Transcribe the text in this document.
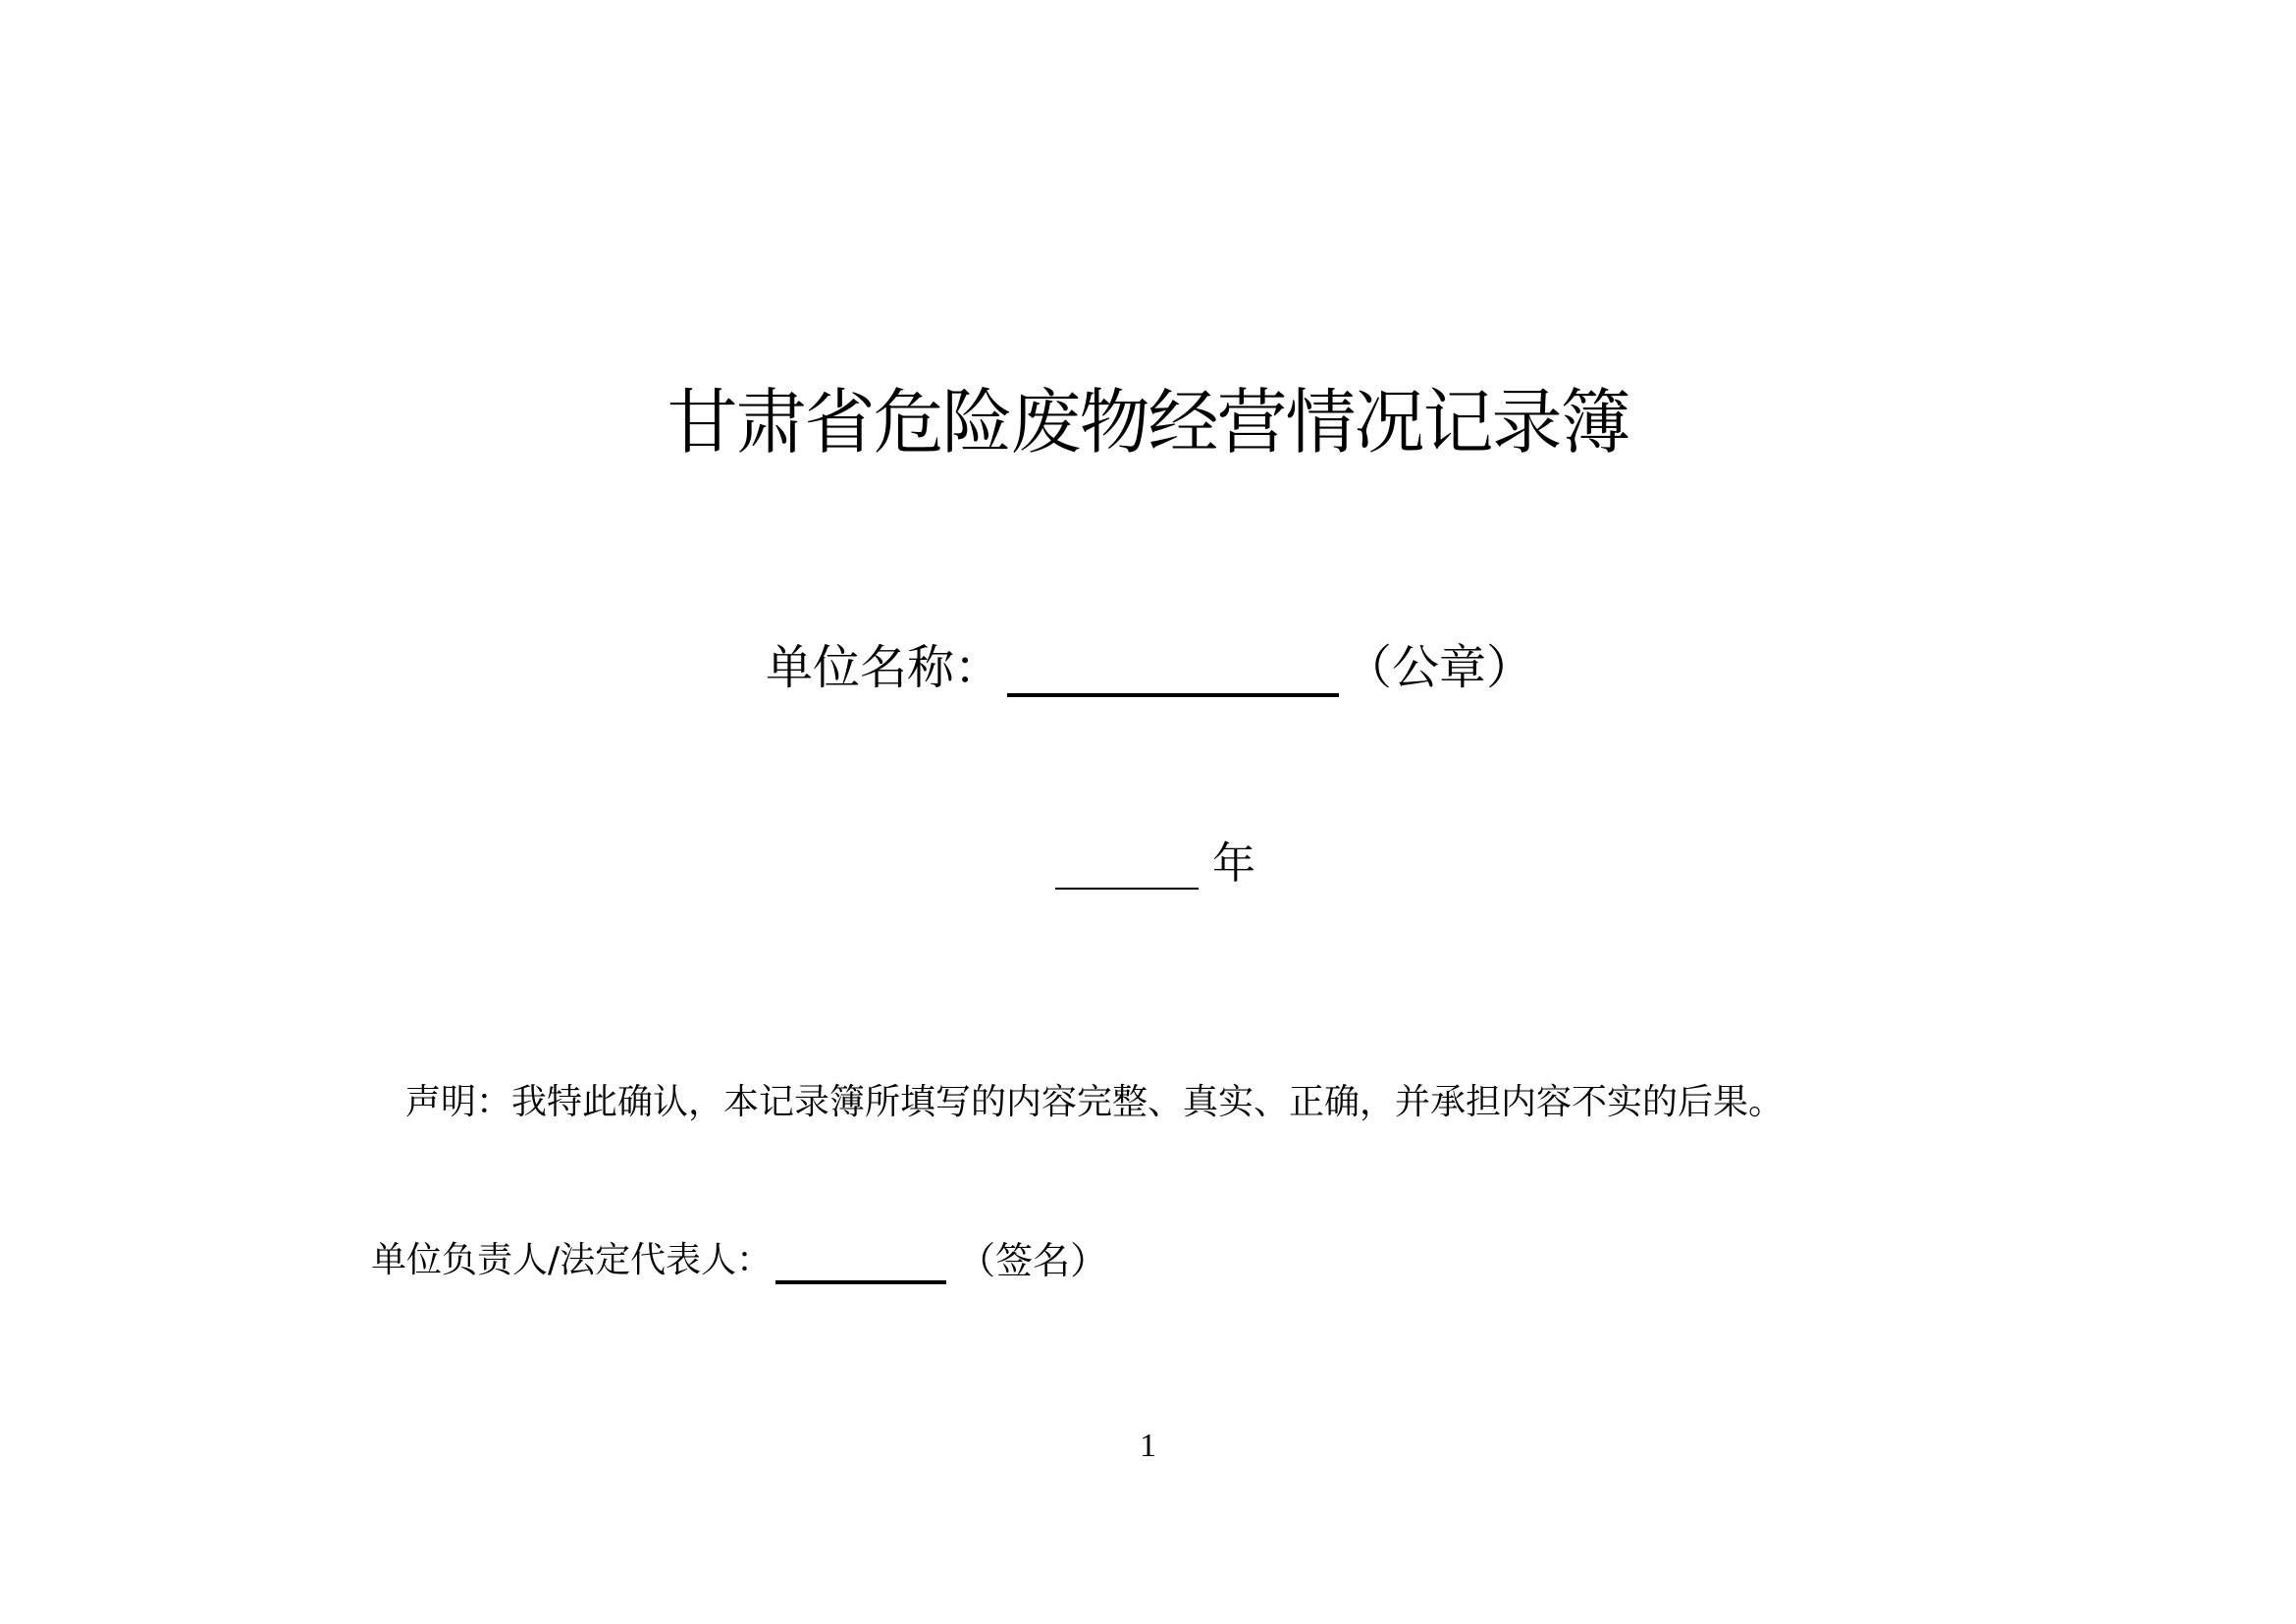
甘肃省危险废物经营情况记录簿
单位名称：	（公章）
年
声明：我特此确认，本记录簿所填写的内容完整、真实、正确，并承担内容不实的后果。
单位负责人/法定代表人：	（签名）
1
